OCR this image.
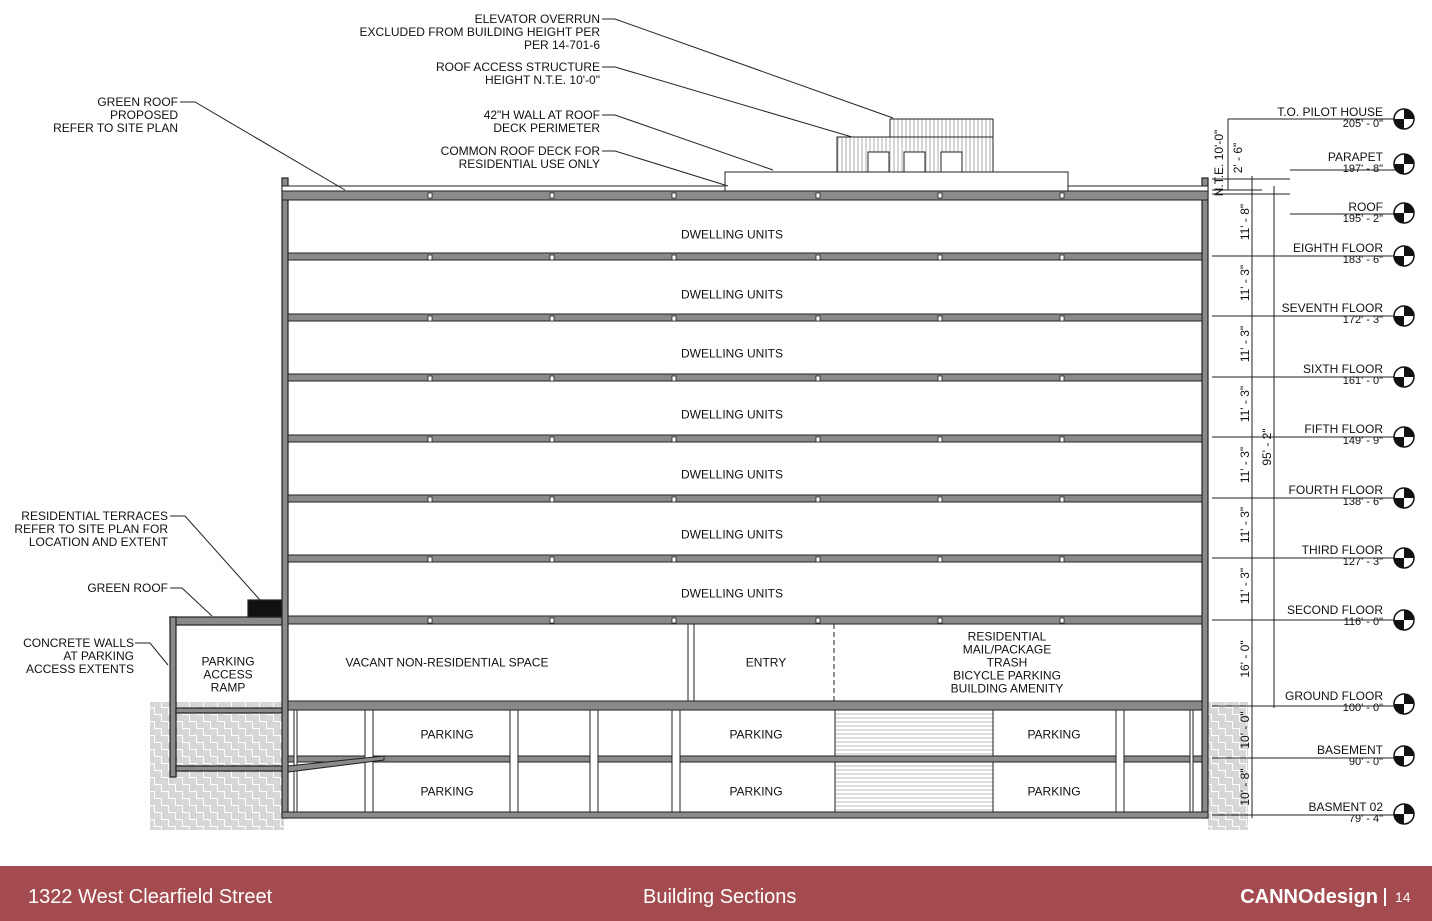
ELEVATOR OVERRUN
EXCLUDED FROM BUILDING HEIGHT PER
PER 14-701-6
ROOF ACCESS STRUCTURE
HEIGHT N.T.E. 10'-0"
42"H WALL AT ROOF
DECK PERIMETER
COMMON ROOF DECK FOR
RESIDENTIAL USE ONLY
GREEN ROOF
PROPOSED
REFER TO SITE PLAN
RESIDENTIAL TERRACES
REFER TO SITE PLAN FOR
LOCATION AND EXTENT
GREEN ROOF
CONCRETE WALLS
AT PARKING
ACCESS EXTENTS
DWELLING UNITS
DWELLING UNITS
DWELLING UNITS
DWELLING UNITS
DWELLING UNITS
DWELLING UNITS
DWELLING UNITS
PARKING
ACCESS
RAMP
VACANT NON-RESIDENTIAL SPACE	ENTRY
RESIDENTIAL
MAIL/PACKAGE
TRASH
BICYCLE PARKING
BUILDING AMENITY
PARKING	PARKING	PARKING
PARKING	PARKING	PARKING
T.O. PILOT HOUSE
205' - 0"
PARAPET
197' - 8"
ROOF
195' - 2"
EIGHTH FLOOR
183' - 6"
SEVENTH FLOOR
172' - 3"
SIXTH FLOOR
161' - 0"
FIFTH FLOOR
149' - 9"
FOURTH FLOOR
138' - 6"
THIRD FLOOR
127' - 3"
SECOND FLOOR
116' - 0"
GROUND FLOOR
100' - 0"
BASEMENT
90' - 0"
BASMENT 02
79' - 4"
N.T.E. 10'-0" 2' - 6"
11' - 8"
11' - 3"
11' - 3"
11' - 3"
11' - 3"
11' - 3"
11' - 3"
16' - 0"
10' - 0"
10' - 8"
95' - 2"
1322 West Clearfield Street	Building Sections	CANNOdesign 14
